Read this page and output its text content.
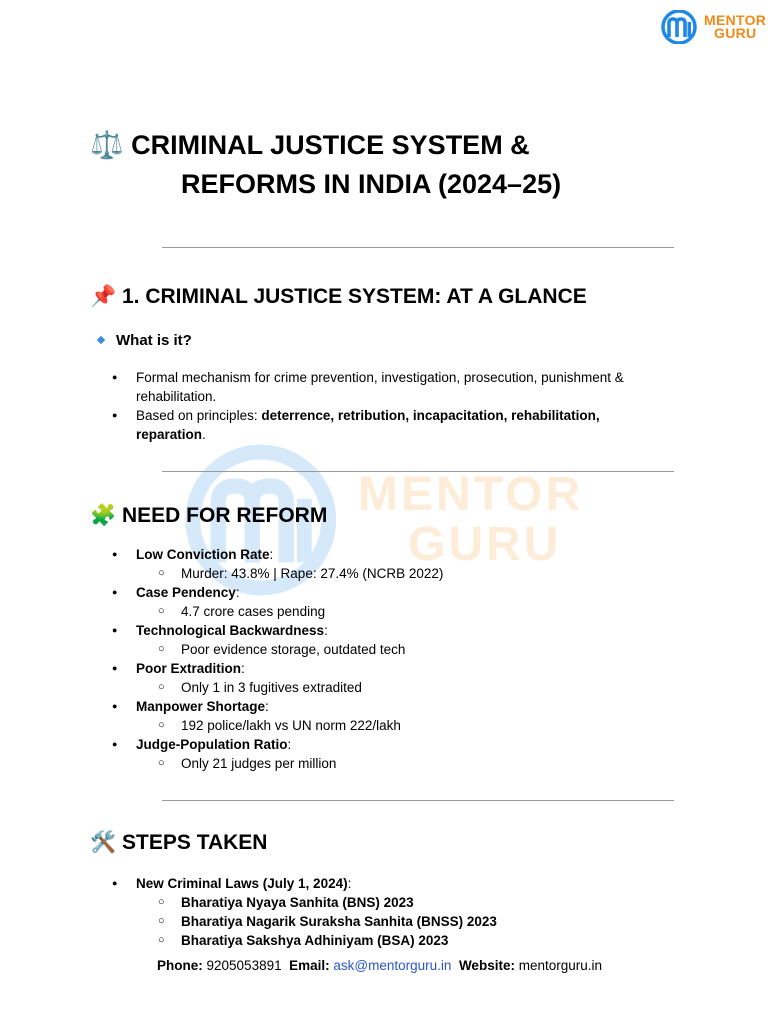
MENTOR
GURU
MENTOR
GURU
⚖️ CRIMINAL JUSTICE SYSTEM &
REFORMS IN INDIA (2024–25)
📌 1. CRIMINAL JUSTICE SYSTEM: AT A GLANCE
What is it?
● Formal mechanism for crime prevention, investigation, prosecution, punishment & rehabilitation.
● Based on principles: deterrence, retribution, incapacitation, rehabilitation, reparation.
🧩 NEED FOR REFORM
● Low Conviction Rate:
○ Murder: 43.8% | Rape: 27.4% (NCRB 2022)
● Case Pendency:
○ 4.7 crore cases pending
● Technological Backwardness:
○ Poor evidence storage, outdated tech
● Poor Extradition:
○ Only 1 in 3 fugitives extradited
● Manpower Shortage:
○ 192 police/lakh vs UN norm 222/lakh
● Judge-Population Ratio:
○ Only 21 judges per million
🛠️ STEPS TAKEN
● New Criminal Laws (July 1, 2024):
○ Bharatiya Nyaya Sanhita (BNS) 2023
○ Bharatiya Nagarik Suraksha Sanhita (BNSS) 2023
○ Bharatiya Sakshya Adhiniyam (BSA) 2023
Phone: 9205053891 Email: ask@mentorguru.in Website: mentorguru.in
